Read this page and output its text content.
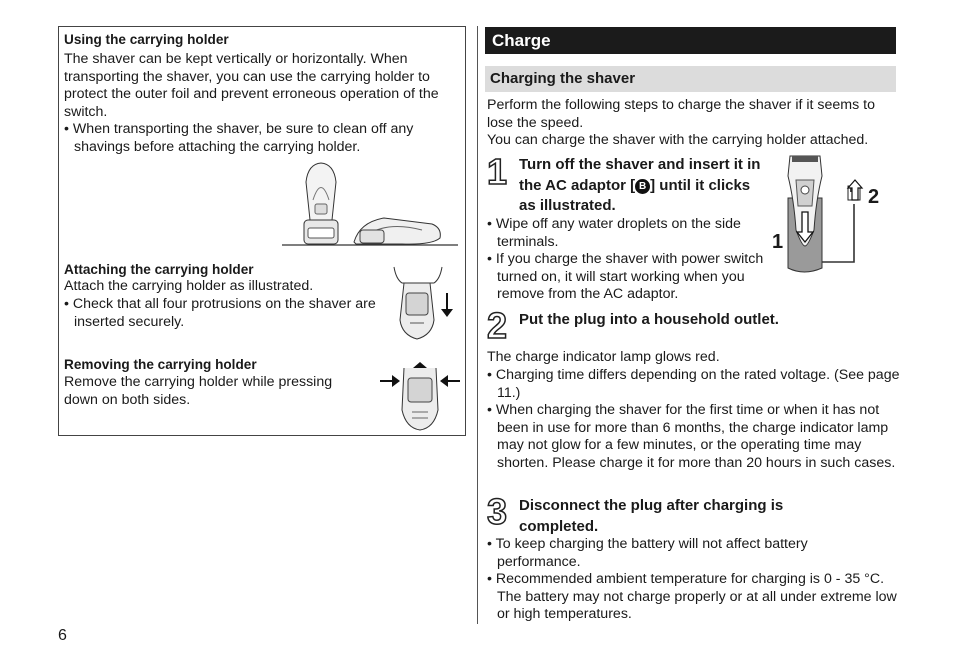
Using the carrying holder
The shaver can be kept vertically or horizontally. When transporting the shaver, you can use the carrying holder to protect the outer foil and prevent erroneous operation of the switch.
• When transporting the shaver, be sure to clean off any shavings before attaching the carrying holder.
Attaching the carrying holder
Attach the carrying holder as illustrated.
• Check that all four protrusions on the shaver are inserted securely.
Removing the carrying holder
Remove the carrying holder while pressing down on both sides.
Charge
Charging the shaver
Perform the following steps to charge the shaver if it seems to lose the speed.
You can charge the shaver with the carrying holder attached.
1 Turn off the shaver and insert it in the AC adaptor [ B ] until it clicks as illustrated.
• Wipe off any water droplets on the side terminals.
• If you charge the shaver with power switch turned on, it will start working when you remove from the AC adaptor.
2
1
2 Put the plug into a household outlet.
The charge indicator lamp glows red.
• Charging time differs depending on the rated voltage. (See page 11.)
• When charging the shaver for the first time or when it has not been in use for more than 6 months, the charge indicator lamp may not glow for a few minutes, or the operating time may shorten. Please charge it for more than 20 hours in such cases.
3 Disconnect the plug after charging is completed.
• To keep charging the battery will not affect battery performance.
• Recommended ambient temperature for charging is 0 - 35 °C. The battery may not charge properly or at all under extreme low or high temperatures.
6
